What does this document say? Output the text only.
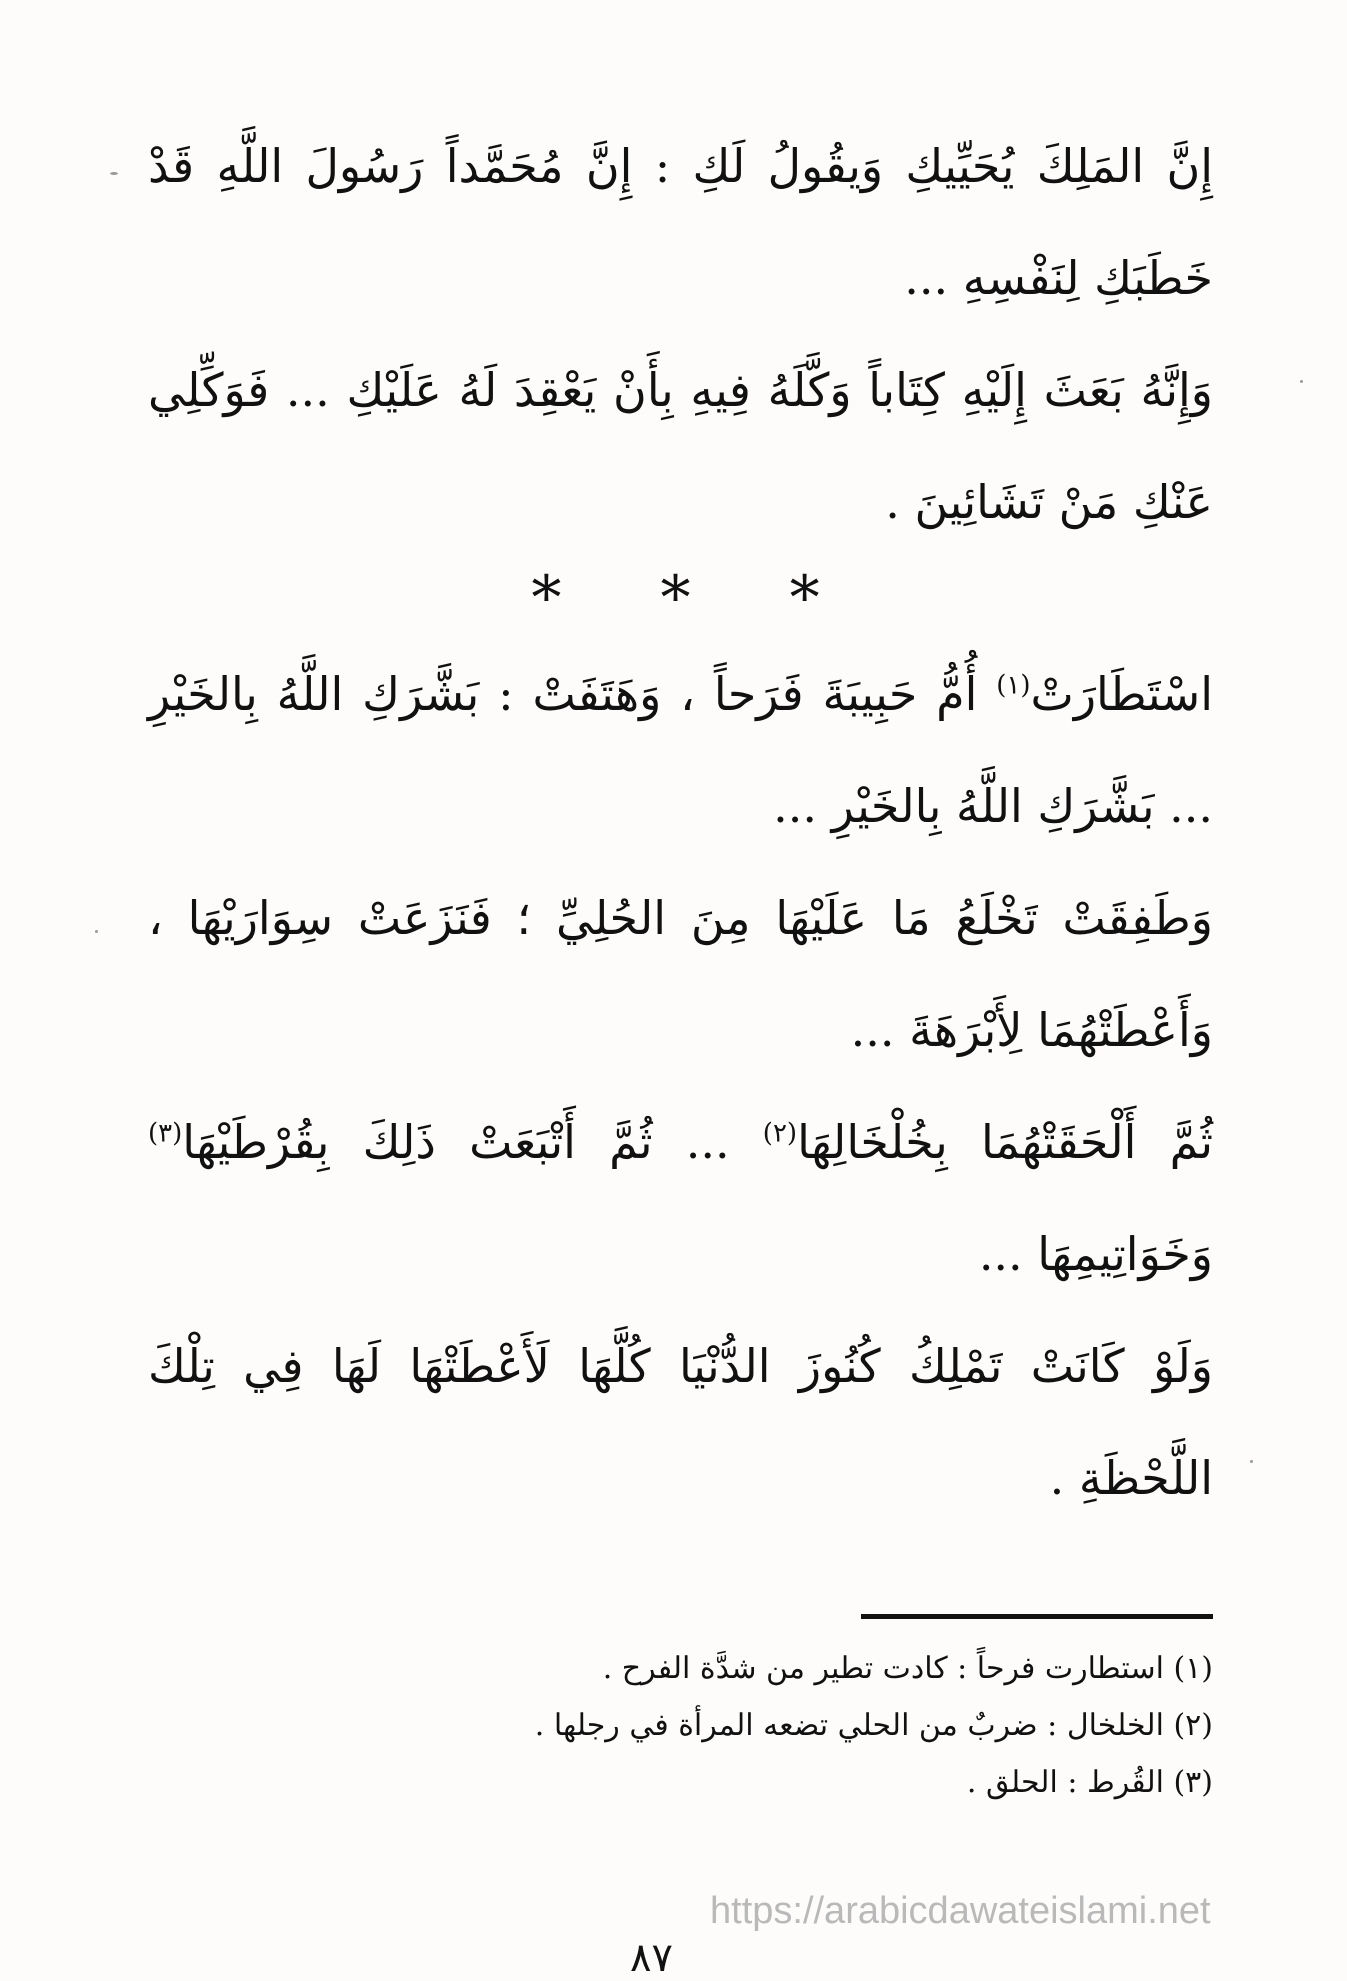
إِنَّ المَلِكَ يُحَيِّيكِ وَيقُولُ لَكِ : إِنَّ مُحَمَّداً رَسُولَ اللَّهِ قَدْ خَطَبَكِ لِنَفْسِهِ ...

وَإِنَّهُ بَعَثَ إِلَيْهِ كِتَاباً وَكَّلَهُ فِيهِ بِأَنْ يَعْقِدَ لَهُ عَلَيْكِ ... فَوَكِّلِي عَنْكِ مَنْ تَشَائِينَ .

* * *

اسْتَطَارَتْ$^{(١)}$ أُمُّ حَبِيبَةَ فَرَحاً ، وَهَتَفَتْ : بَشَّرَكِ اللَّهُ بِالخَيْرِ ... بَشَّرَكِ اللَّهُ بِالخَيْرِ ...

وَطَفِقَتْ تَخْلَعُ مَا عَلَيْهَا مِنَ الحُلِيِّ ؛ فَنَزَعَتْ سِوَارَيْهَا ، وَأَعْطَتْهُمَا لِأَبْرَهَةَ ...

ثُمَّ أَلْحَقَتْهُمَا بِخُلْخَالِهَا$^{(٢)}$ ... ثُمَّ أَتْبَعَتْ ذَلِكَ بِقُرْطَيْهَا$^{(٣)}$ وَخَوَاتِيمِهَا ...

وَلَوْ كَانَتْ تَمْلِكُ كُنُوزَ الدُّنْيَا كُلَّهَا لَأَعْطَتْهَا لَهَا فِي تِلْكَ اللَّحْظَةِ .

(١) استطارت فرحاً : كادت تطير من شدَّة الفرح .

(٢) الخلخال : ضربٌ من الحلي تضعه المرأة في رجلها .

(٣) القُرط : الحلق .

https://arabicdawateislami.net
٨٧
